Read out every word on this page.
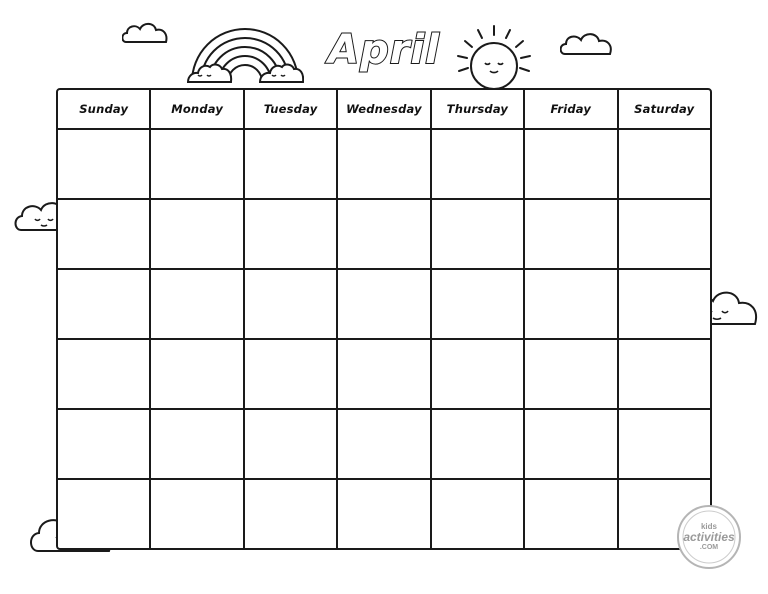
April
Sunday	Monday	Tuesday	Wednesday	Thursday	Friday	Saturday
kids
activities
.COM
